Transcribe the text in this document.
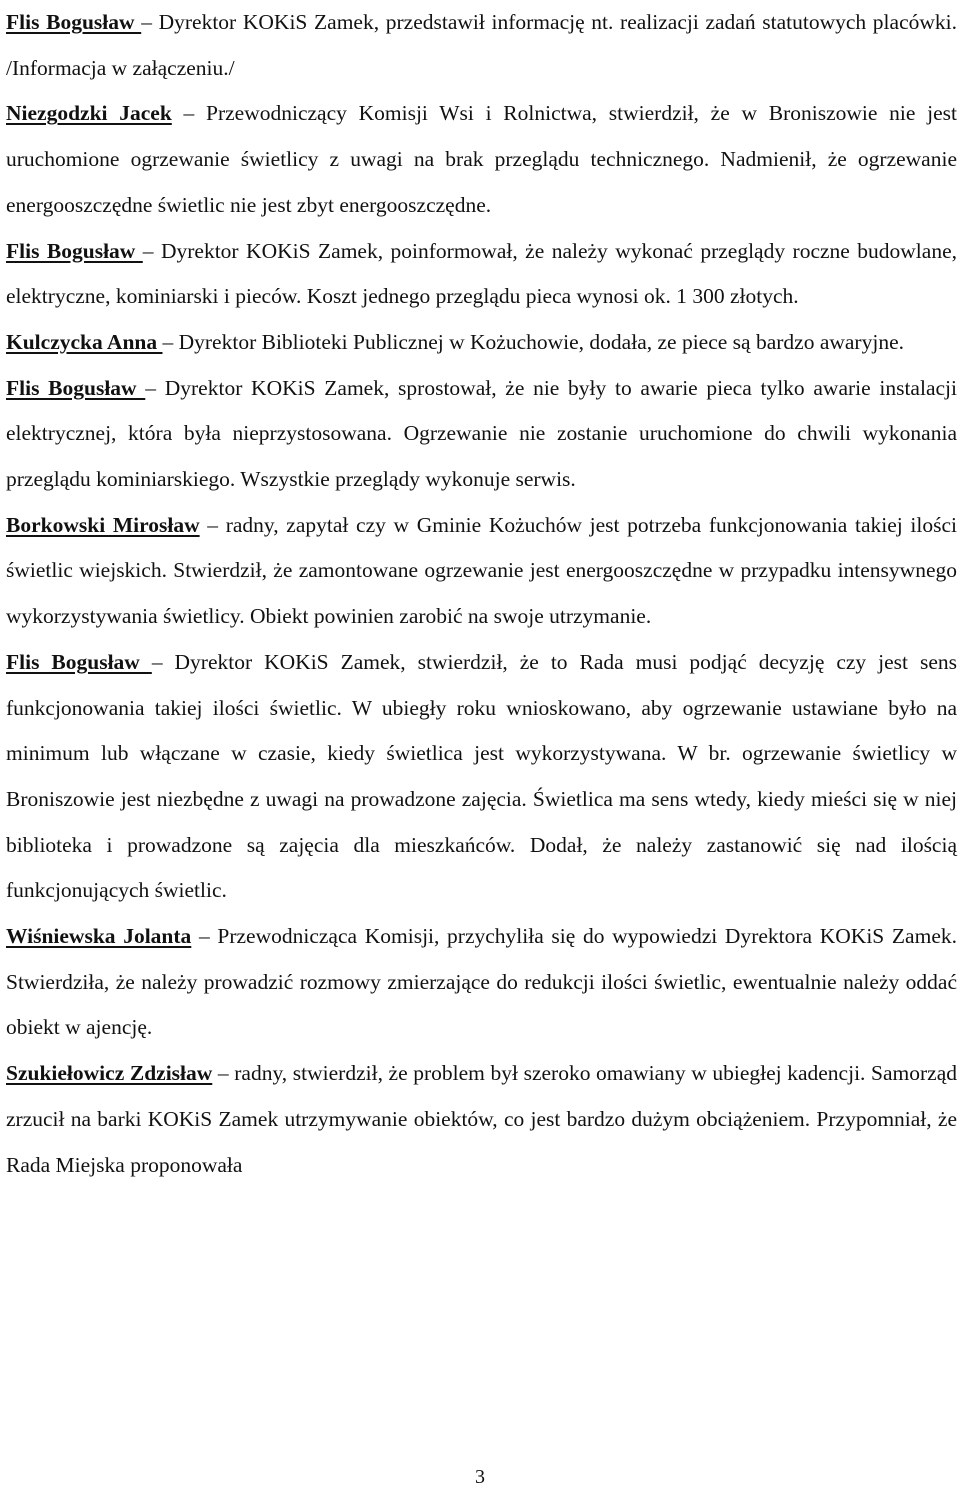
Flis Bogusław – Dyrektor KOKiS Zamek, przedstawił informację nt. realizacji zadań statutowych placówki. /Informacja w załączeniu./

Niezgodzki Jacek – Przewodniczący Komisji Wsi i Rolnictwa, stwierdził, że w Broniszowie nie jest uruchomione ogrzewanie świetlicy z uwagi na brak przeglądu technicznego. Nadmienił, że ogrzewanie energooszczędne świetlic nie jest zbyt energooszczędne.

Flis Bogusław – Dyrektor KOKiS Zamek, poinformował, że należy wykonać przeglądy roczne budowlane, elektryczne, kominiarski i pieców. Koszt jednego przeglądu pieca wynosi ok. 1 300 złotych.

Kulczycka Anna – Dyrektor Biblioteki Publicznej w Kożuchowie, dodała, ze piece są bardzo awaryjne.

Flis Bogusław – Dyrektor KOKiS Zamek, sprostował, że nie były to awarie pieca tylko awarie instalacji elektrycznej, która była nieprzystosowana. Ogrzewanie nie zostanie uruchomione do chwili wykonania przeglądu kominiarskiego. Wszystkie przeglądy wykonuje serwis.

Borkowski Mirosław – radny, zapytał czy w Gminie Kożuchów jest potrzeba funkcjonowania takiej ilości świetlic wiejskich. Stwierdził, że zamontowane ogrzewanie jest energooszczędne w przypadku intensywnego wykorzystywania świetlicy. Obiekt powinien zarobić na swoje utrzymanie.

Flis Bogusław – Dyrektor KOKiS Zamek, stwierdził, że to Rada musi podjąć decyzję czy jest sens funkcjonowania takiej ilości świetlic. W ubiegły roku wnioskowano, aby ogrzewanie ustawiane było na minimum lub włączane w czasie, kiedy świetlica jest wykorzystywana. W br. ogrzewanie świetlicy w Broniszowie jest niezbędne z uwagi na prowadzone zajęcia. Świetlica ma sens wtedy, kiedy mieści się w niej biblioteka i prowadzone są zajęcia dla mieszkańców. Dodał, że należy zastanowić się nad ilością funkcjonujących świetlic.

Wiśniewska Jolanta – Przewodnicząca Komisji, przychyliła się do wypowiedzi Dyrektora KOKiS Zamek. Stwierdziła, że należy prowadzić rozmowy zmierzające do redukcji ilości świetlic, ewentualnie należy oddać obiekt w ajencję.

Szukiełowicz Zdzisław – radny, stwierdził, że problem był szeroko omawiany w ubiegłej kadencji. Samorząd zrzucił na barki KOKiS Zamek utrzymywanie obiektów, co jest bardzo dużym obciążeniem. Przypomniał, że Rada Miejska proponowała

3
